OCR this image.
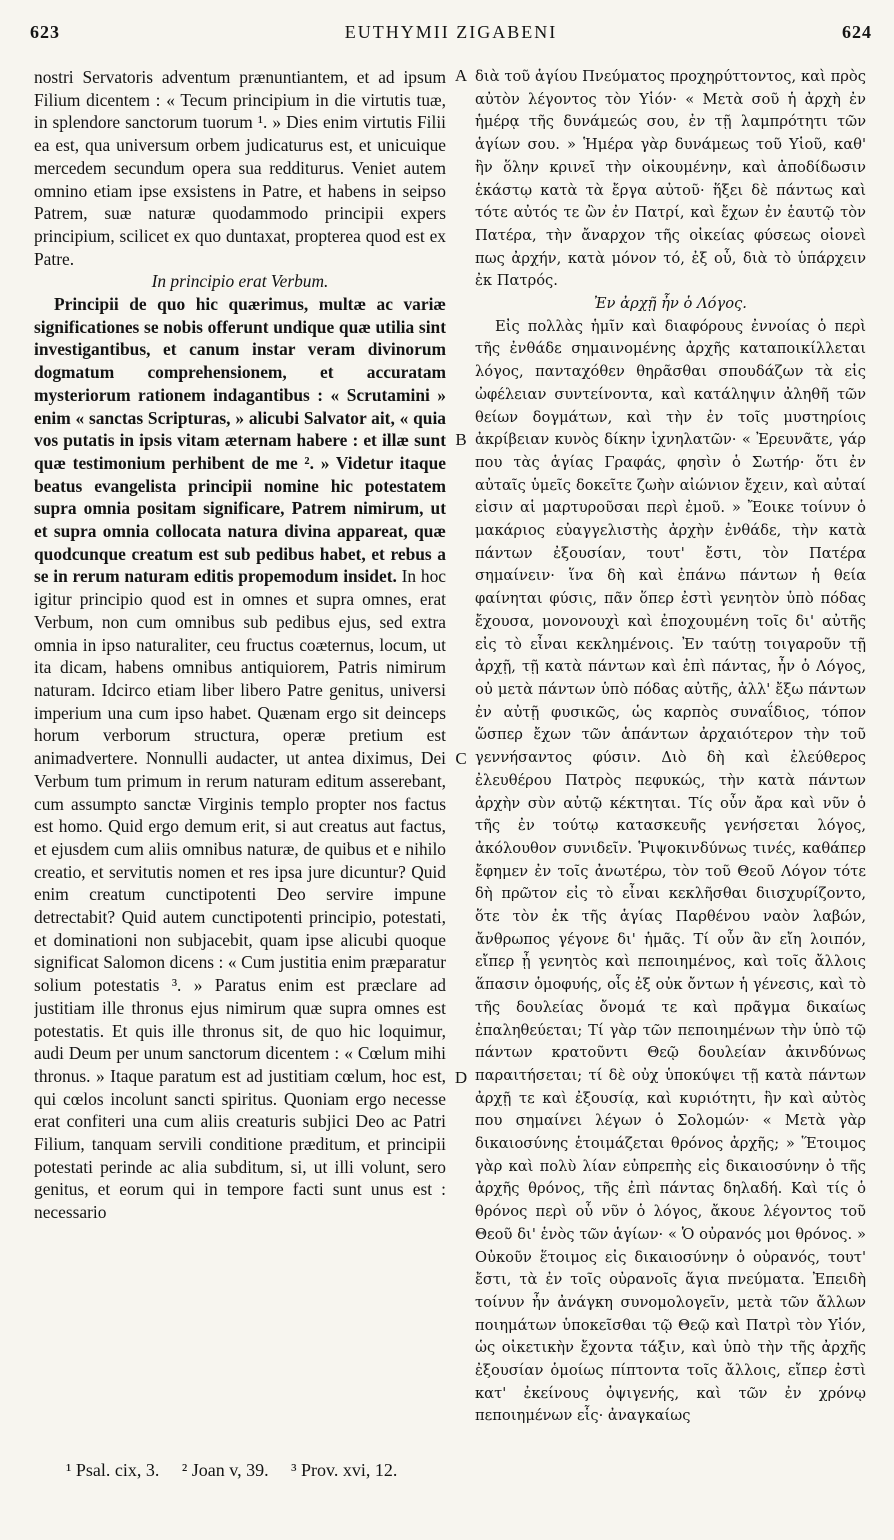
623	EUTHYMII ZIGABENI	624

nostri Servatoris adventum prænuntiantem, et ad ipsum Filium dicentem : « Tecum principium in die virtutis tuæ, in splendore sanctorum tuorum ¹. » Dies enim virtutis Filii ea est, qua universum orbem judicaturus est, et unicuique mercedem secundum opera sua redditurus. Veniet autem omnino etiam ipse exsistens in Patre, et habens in seipso Patrem, suæ naturæ quodammodo principii expers principium, scilicet ex quo duntaxat, propterea quod est ex Patre.

In principio erat Verbum.

Principii de quo hic quærimus, multæ ac variæ significationes se nobis offerunt undique quæ utilia sint investigantibus, et canum instar veram divinorum dogmatum comprehensionem, et accuratam mysteriorum rationem indagantibus : « Scrutamini » enim « sanctas Scripturas, » alicubi Salvator ait, « quia vos putatis in ipsis vitam æternam habere : et illæ sunt quæ testimonium perhibent de me ². » Videtur itaque beatus evangelista principii nomine hic potestatem supra omnia positam significare, Patrem nimirum, ut et supra omnia collocata natura divina appareat, quæ quodcunque creatum est sub pedibus habet, et rebus a se in rerum naturam editis propemodum insidet. In hoc igitur principio quod est in omnes et supra omnes, erat Verbum, non cum omnibus sub pedibus ejus, sed extra omnia in ipso naturaliter, ceu fructus coæternus, locum, ut ita dicam, habens omnibus antiquiorem, Patris nimirum naturam. Idcirco etiam liber libero Patre genitus, universi imperium una cum ipso habet. Quænam ergo sit deinceps horum verborum structura, operæ pretium est animadvertere. Nonnulli audacter, ut antea diximus, Dei Verbum tum primum in rerum naturam editum asserebant, cum assumpto sanctæ Virginis templo propter nos factus est homo. Quid ergo demum erit, si aut creatus aut factus, et ejusdem cum aliis omnibus naturæ, de quibus et e nihilo creatio, et servitutis nomen et res ipsa jure dicuntur? Quid enim creatum cunctipotenti Deo servire impune detrectabit? Quid autem cunctipotenti principio, potestati, et dominationi non subjacebit, quam ipse alicubi quoque significat Salomon dicens : « Cum justitia enim præparatur solium potestatis ³. » Paratus enim est præclare ad justitiam ille thronus ejus nimirum quæ supra omnes est potestatis. Et quis ille thronus sit, de quo hic loquimur, audi Deum per unum sanctorum dicentem : « Cœlum mihi thronus. » Itaque paratum est ad justitiam cœlum, hoc est, qui cœlos incolunt sancti spiritus. Quoniam ergo necesse erat confiteri una cum aliis creaturis subjici Deo ac Patri Filium, tanquam servili conditione præditum, et principii potestati perinde ac alia subditum, si, ut illi volunt, sero genitus, et eorum qui in tempore facti sunt unus est : necessario

A
B
C
D

διὰ τοῦ ἁγίου Πνεύματος προχηρύττοντος, καὶ πρὸς αὐτὸν λέγοντος τὸν Υἱόν· « Μετὰ σοῦ ἡ ἀρχὴ ἐν ἡμέρᾳ τῆς δυνάμεώς σου, ἐν τῇ λαμπρότητι τῶν ἁγίων σου. » Ἡμέρα γὰρ δυνάμεως τοῦ Υἱοῦ, καθ' ἣν ὅλην κρινεῖ τὴν οἰκουμένην, καὶ ἀποδίδωσιν ἑκάστῳ κατὰ τὰ ἔργα αὐτοῦ· ἥξει δὲ πάντως καὶ τότε αὐτός τε ὢν ἐν Πατρί, καὶ ἔχων ἐν ἑαυτῷ τὸν Πατέρα, τὴν ἄναρχον τῆς οἰκείας φύσεως οἱονεὶ πως ἀρχήν, κατὰ μόνον τό, ἐξ οὗ, διὰ τὸ ὑπάρχειν ἐκ Πατρός.

Ἐν ἀρχῇ ἦν ὁ Λόγος.

Εἰς πολλὰς ἡμῖν καὶ διαφόρους ἐννοίας ὁ περὶ τῆς ἐνθάδε σημαινομένης ἀρχῆς καταποικίλλεται λόγος, πανταχόθεν θηρᾶσθαι σπουδάζων τὰ εἰς ὠφέλειαν συντείνοντα, καὶ κατάληψιν ἀληθῆ τῶν θείων δογμάτων, καὶ τὴν ἐν τοῖς μυστηρίοις ἀκρίβειαν κυνὸς δίκην ἰχνηλατῶν· « Ἐρευνᾶτε, γάρ που τὰς ἁγίας Γραφάς, φησὶν ὁ Σωτήρ· ὅτι ἐν αὐταῖς ὑμεῖς δοκεῖτε ζωὴν αἰώνιον ἔχειν, καὶ αὐταί εἰσιν αἱ μαρτυροῦσαι περὶ ἐμοῦ. » Ἔοικε τοίνυν ὁ μακάριος εὐαγγελιστὴς ἀρχὴν ἐνθάδε, τὴν κατὰ πάντων ἐξουσίαν, τουτ' ἔστι, τὸν Πατέρα σημαίνειν· ἵνα δὴ καὶ ἐπάνω πάντων ἡ θεία φαίνηται φύσις, πᾶν ὅπερ ἐστὶ γενητὸν ὑπὸ πόδας ἔχουσα, μονονουχὶ καὶ ἐποχουμένη τοῖς δι' αὐτῆς εἰς τὸ εἶναι κεκλημένοις. Ἐν ταύτῃ τοιγαροῦν τῇ ἀρχῇ, τῇ κατὰ πάντων καὶ ἐπὶ πάντας, ἦν ὁ Λόγος, οὐ μετὰ πάντων ὑπὸ πόδας αὐτῆς, ἀλλ' ἔξω πάντων ἐν αὐτῇ φυσικῶς, ὡς καρπὸς συναΐδιος, τόπον ὥσπερ ἔχων τῶν ἁπάντων ἀρχαιότερον τὴν τοῦ γεννήσαντος φύσιν. Διὸ δὴ καὶ ἐλεύθερος ἐλευθέρου Πατρὸς πεφυκώς, τὴν κατὰ πάντων ἀρχὴν σὺν αὐτῷ κέκτηται. Τίς οὖν ἄρα καὶ νῦν ὁ τῆς ἐν τούτῳ κατασκευῆς γενήσεται λόγος, ἀκόλουθον συνιδεῖν. Ῥιψοκινδύνως τινές, καθάπερ ἔφημεν ἐν τοῖς ἀνωτέρω, τὸν τοῦ Θεοῦ Λόγον τότε δὴ πρῶτον εἰς τὸ εἶναι κεκλῆσθαι διισχυρίζοντο, ὅτε τὸν ἐκ τῆς ἁγίας Παρθένου ναὸν λαβών, ἄνθρωπος γέγονε δι' ἡμᾶς. Τί οὖν ἂν εἴη λοιπόν, εἴπερ ᾖ γενητὸς καὶ πεποιημένος, καὶ τοῖς ἄλλοις ἅπασιν ὁμοφυής, οἷς ἐξ οὐκ ὄντων ἡ γένεσις, καὶ τὸ τῆς δουλείας ὄνομά τε καὶ πρᾶγμα δικαίως ἐπαληθεύεται; Τί γὰρ τῶν πεποιημένων τὴν ὑπὸ τῷ πάντων κρατοῦντι Θεῷ δουλείαν ἀκινδύνως παραιτήσεται; τί δὲ οὐχ ὑποκύψει τῇ κατὰ πάντων ἀρχῇ τε καὶ ἐξουσίᾳ, καὶ κυριότητι, ἣν καὶ αὐτὸς που σημαίνει λέγων ὁ Σολομών· « Μετὰ γὰρ δικαιοσύνης ἑτοιμάζεται θρόνος ἀρχῆς; » Ἕτοιμος γὰρ καὶ πολὺ λίαν εὐπρεπὴς εἰς δικαιοσύνην ὁ τῆς ἀρχῆς θρόνος, τῆς ἐπὶ πάντας δηλαδή. Καὶ τίς ὁ θρόνος περὶ οὗ νῦν ὁ λόγος, ἄκουε λέγοντος τοῦ Θεοῦ δι' ἑνὸς τῶν ἁγίων· « Ὁ οὐρανός μοι θρόνος. » Οὐκοῦν ἕτοιμος εἰς δικαιοσύνην ὁ οὐρανός, τουτ' ἔστι, τὰ ἐν τοῖς οὐρανοῖς ἅγια πνεύματα. Ἐπειδὴ τοίνυν ἦν ἀνάγκη συνομολογεῖν, μετὰ τῶν ἄλλων ποιημάτων ὑποκεῖσθαι τῷ Θεῷ καὶ Πατρὶ τὸν Υἱόν, ὡς οἰκετικὴν ἔχοντα τάξιν, καὶ ὑπὸ τὴν τῆς ἀρχῆς ἐξουσίαν ὁμοίως πίπτοντα τοῖς ἄλλοις, εἴπερ ἐστὶ κατ' ἐκείνους ὀψιγενής, καὶ τῶν ἐν χρόνῳ πεποιημένων εἷς· ἀναγκαίως

¹ Psal. cix, 3. ² Joan v, 39. ³ Prov. xvi, 12.
